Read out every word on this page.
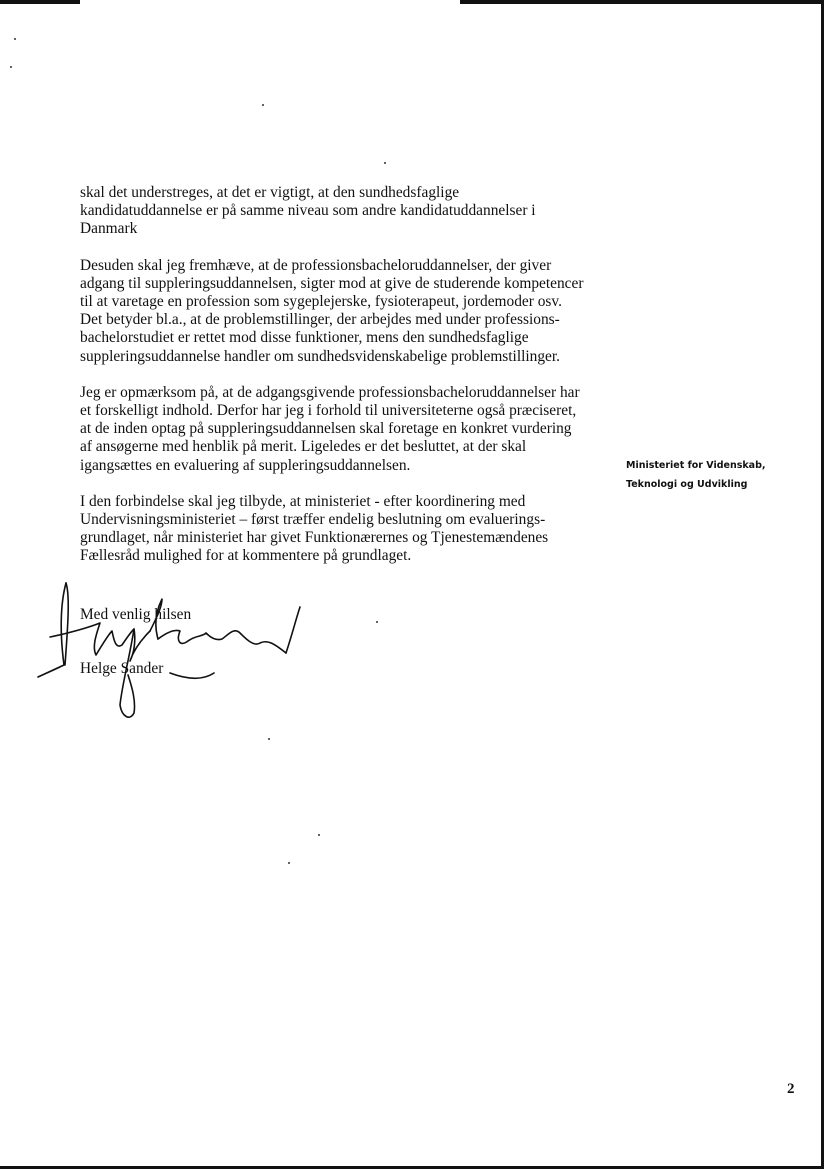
skal det understreges, at det er vigtigt, at den sundhedsfaglige
kandidatuddannelse er på samme niveau som andre kandidatuddannelser i
Danmark

Desuden skal jeg fremhæve, at de professionsbacheloruddannelser, der giver
adgang til suppleringsuddannelsen, sigter mod at give de studerende kompetencer
til at varetage en profession som sygeplejerske, fysioterapeut, jordemoder osv.
Det betyder bl.a., at de problemstillinger, der arbejdes med under professions-
bachelorstudiet er rettet mod disse funktioner, mens den sundhedsfaglige
suppleringsuddannelse handler om sundhedsvidenskabelige problemstillinger.

Jeg er opmærksom på, at de adgangsgivende professionsbacheloruddannelser har
et forskelligt indhold. Derfor har jeg i forhold til universiteterne også præciseret,
at de inden optag på suppleringsuddannelsen skal foretage en konkret vurdering
af ansøgerne med henblik på merit. Ligeledes er det besluttet, at der skal
igangsættes en evaluering af suppleringsuddannelsen.

I den forbindelse skal jeg tilbyde, at ministeriet - efter koordinering med
Undervisningsministeriet – først træffer endelig beslutning om evaluerings-
grundlaget, når ministeriet har givet Funktionærernes og Tjenestemændenes
Fællesråd mulighed for at kommentere på grundlaget.

Ministeriet for Videnskab,
Teknologi og Udvikling
Med venlig hilsen
Helge Sander
2
